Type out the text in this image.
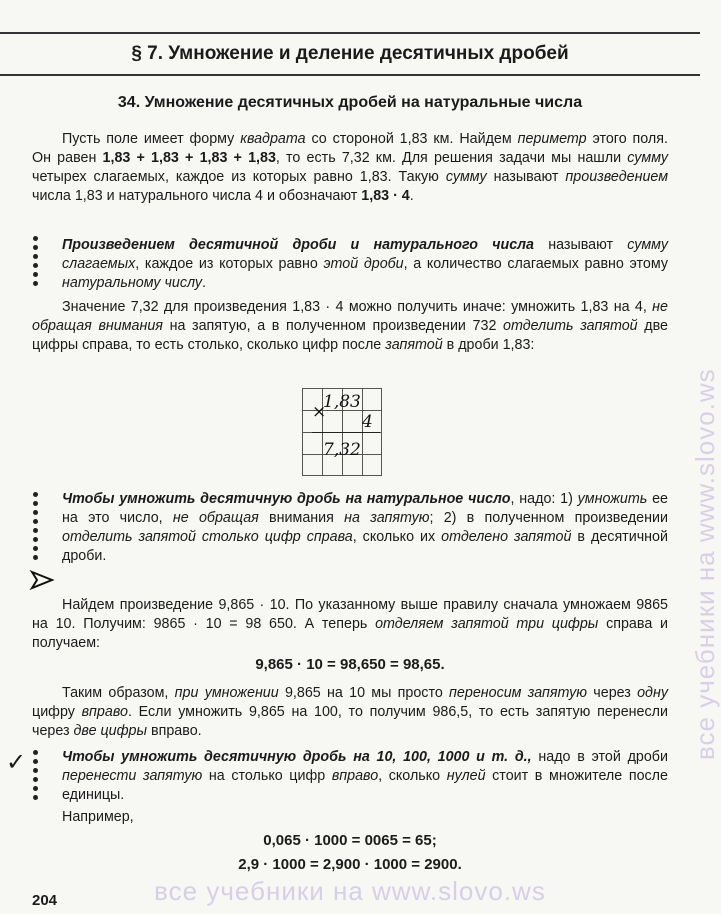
§ 7. Умножение и деление десятичных дробей
34. Умножение десятичных дробей на натуральные числа
Пусть поле имеет форму квадрата со стороной 1,83 км. Найдем периметр этого поля. Он равен 1,83 + 1,83 + 1,83 + 1,83, то есть 7,32 км. Для решения задачи мы нашли сумму четырех слагаемых, каждое из которых равно 1,83. Такую сумму называют произведением числа 1,83 и натурального числа 4 и обозначают 1,83 · 4.
Произведением десятичной дроби и натурального числа называют сумму слагаемых, каждое из которых равно этой дроби, а количество слагаемых равно этому натуральному числу.
Значение 7,32 для произведения 1,83 · 4 можно получить иначе: умножить 1,83 на 4, не обращая внимания на запятую, а в полученном произведении 732 отделить запятой две цифры справа, то есть столько, сколько цифр после запятой в дроби 1,83:
×
1,83
4
7,32
Чтобы умножить десятичную дробь на натуральное число, надо: 1) умножить ее на это число, не обращая внимания на запятую; 2) в полученном произведении отделить запятой столько цифр справа, сколько их отделено запятой в десятичной дроби.
Найдем произведение 9,865 · 10. По указанному выше правилу сначала умножаем 9865 на 10. Получим: 9865 · 10 = 98 650. А теперь отделяем запятой три цифры справа и получаем:
9,865 · 10 = 98,650 = 98,65.
Таким образом, при умножении 9,865 на 10 мы просто переносим запятую через одну цифру вправо. Если умножить 9,865 на 100, то получим 986,5, то есть запятую перенесли через две цифры вправо.
✓	Чтобы умножить десятичную дробь на 10, 100, 1000 и т. д., надо в этой дроби перенести запятую на столько цифр вправо, сколько нулей стоит в множителе после единицы.
Например,
0,065 · 1000 = 0065 = 65;
2,9 · 1000 = 2,900 · 1000 = 2900.
все учебники на www.slovo.ws
все учебники на www.slovo.ws
204
